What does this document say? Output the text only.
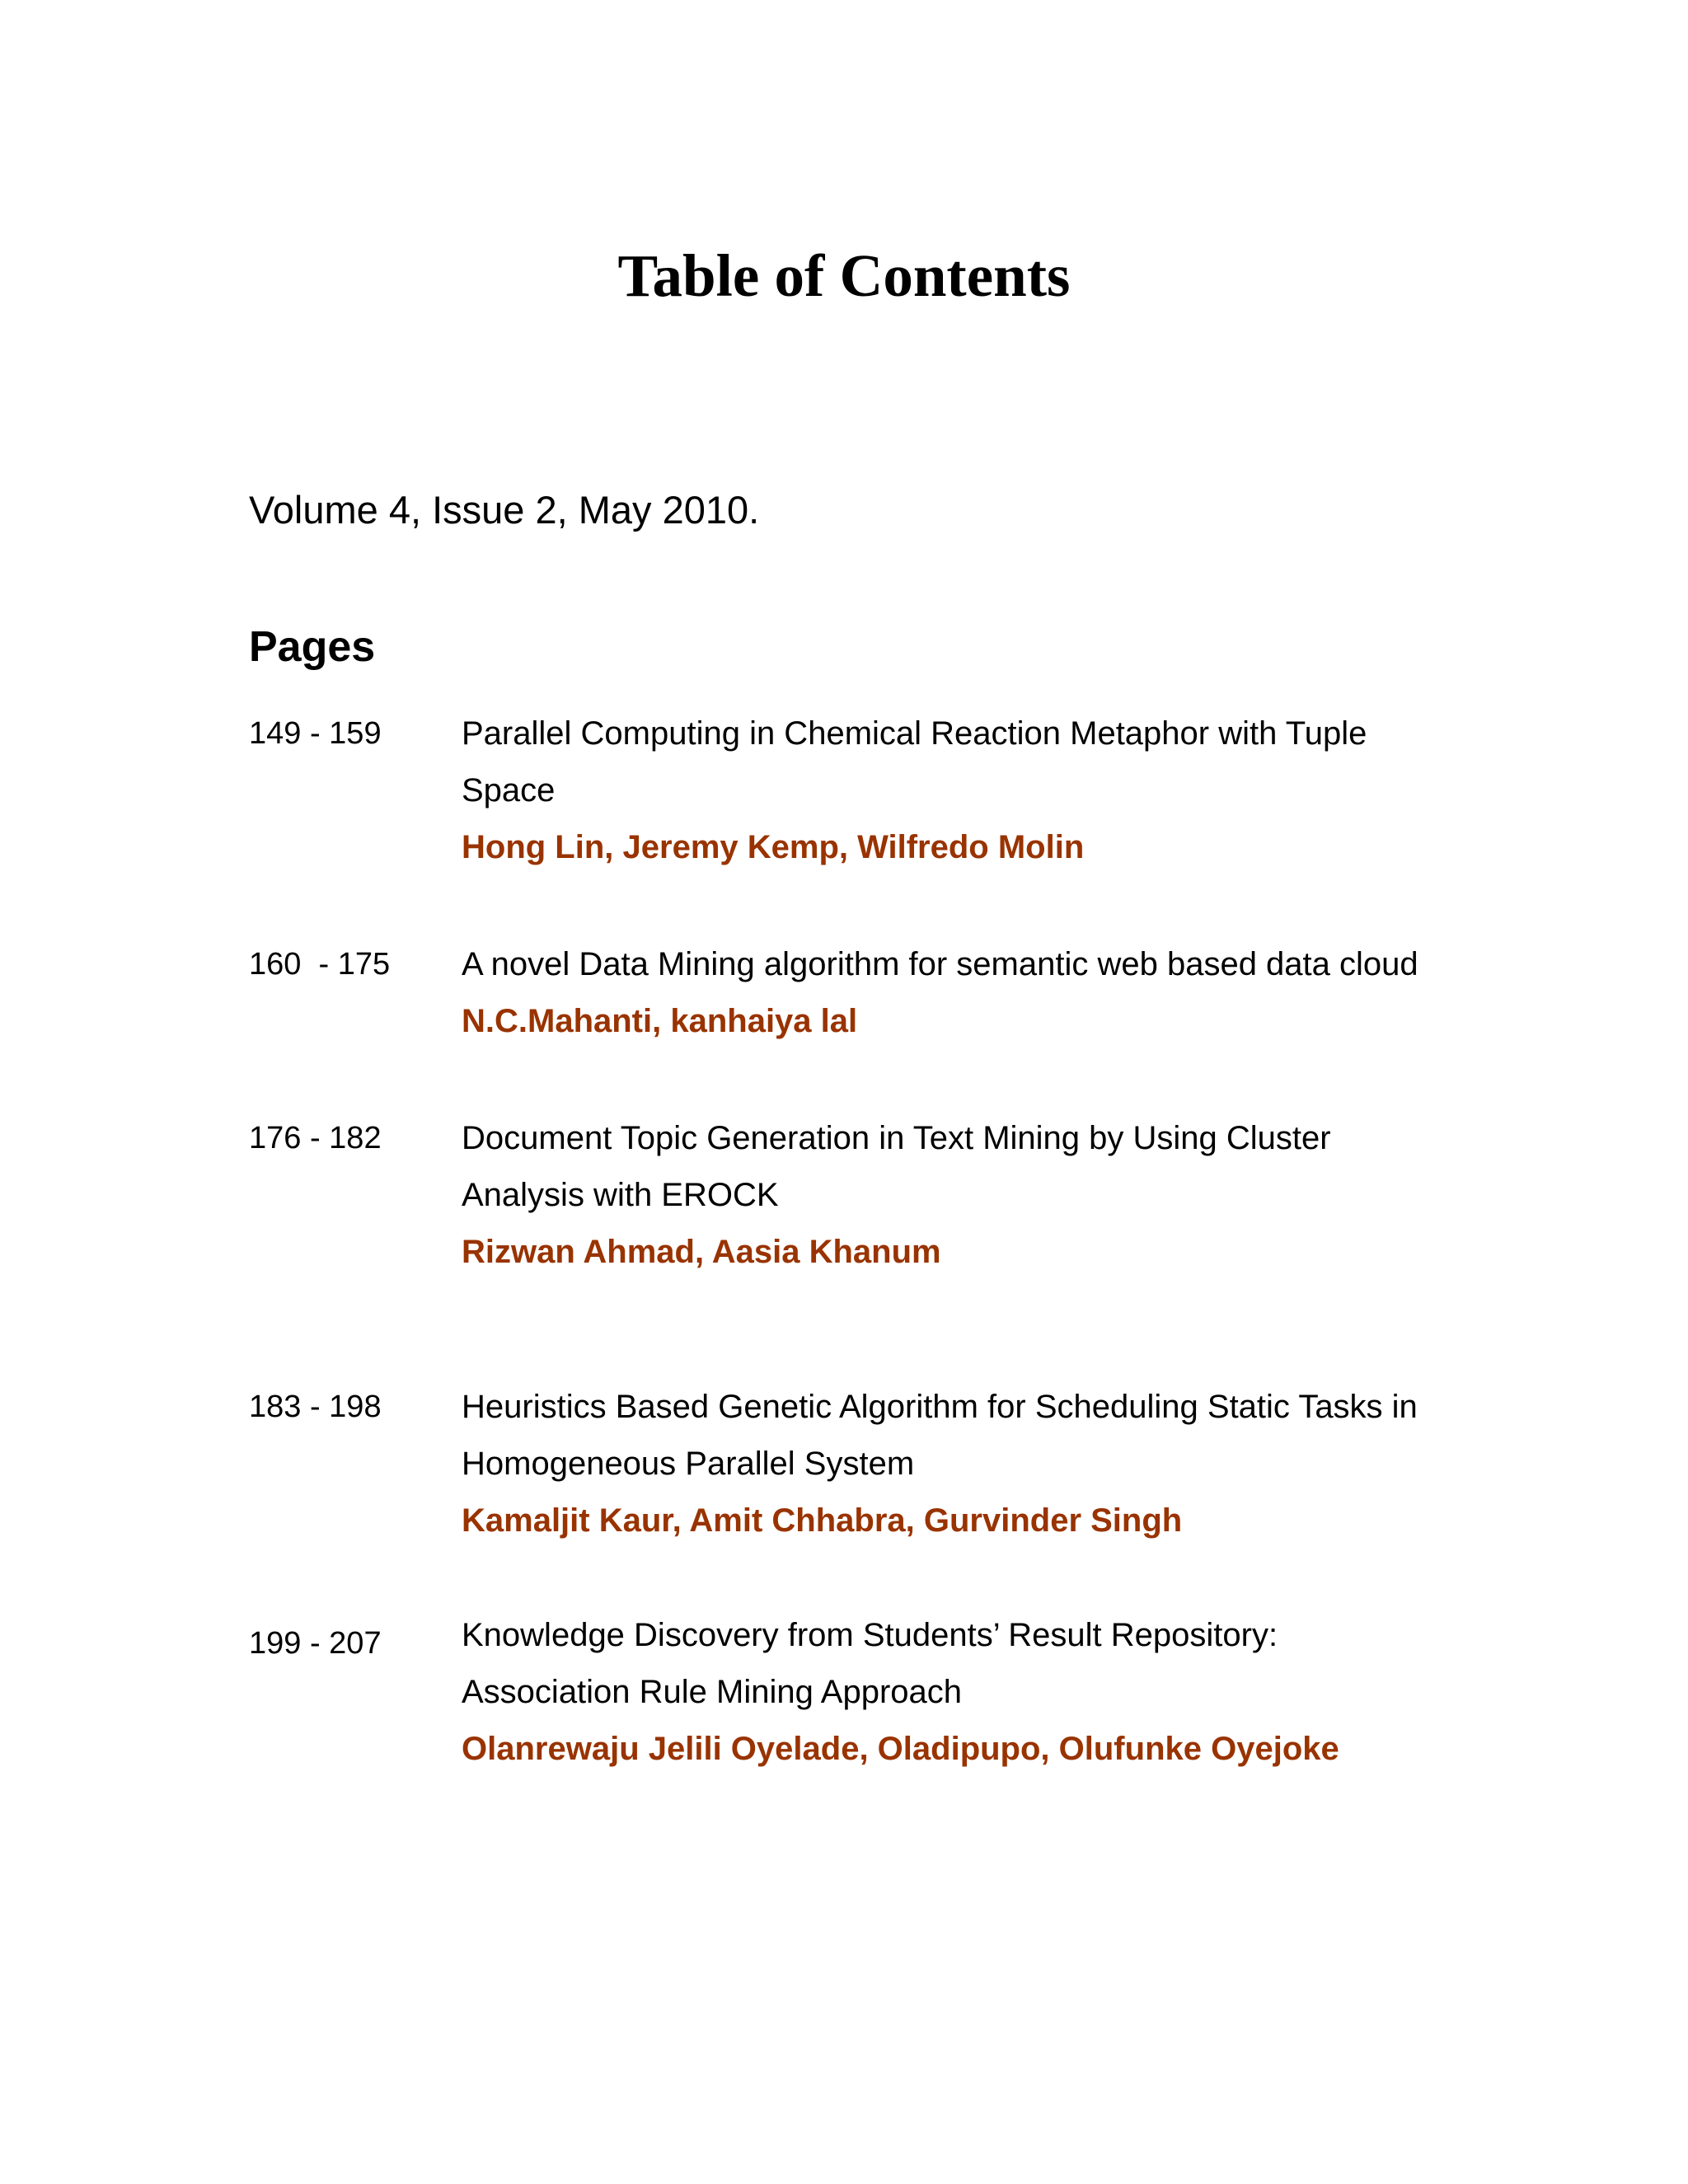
Table of Contents
Volume 4, Issue 2, May 2010.
Pages
149 - 159 Parallel Computing in Chemical Reaction Metaphor with Tuple
Space
Hong Lin, Jeremy Kemp, Wilfredo Molin
160  - 175 A novel Data Mining algorithm for semantic web based data cloud
N.C.Mahanti, kanhaiya lal
176 - 182 Document Topic Generation in Text Mining by Using Cluster
Analysis with EROCK
Rizwan Ahmad, Aasia Khanum
183 - 198 Heuristics Based Genetic Algorithm for Scheduling Static Tasks in
Homogeneous Parallel System
Kamaljit Kaur, Amit Chhabra, Gurvinder Singh
199 - 207 Knowledge Discovery from Students’ Result Repository:
Association Rule Mining Approach
Olanrewaju Jelili Oyelade, Oladipupo, Olufunke Oyejoke
